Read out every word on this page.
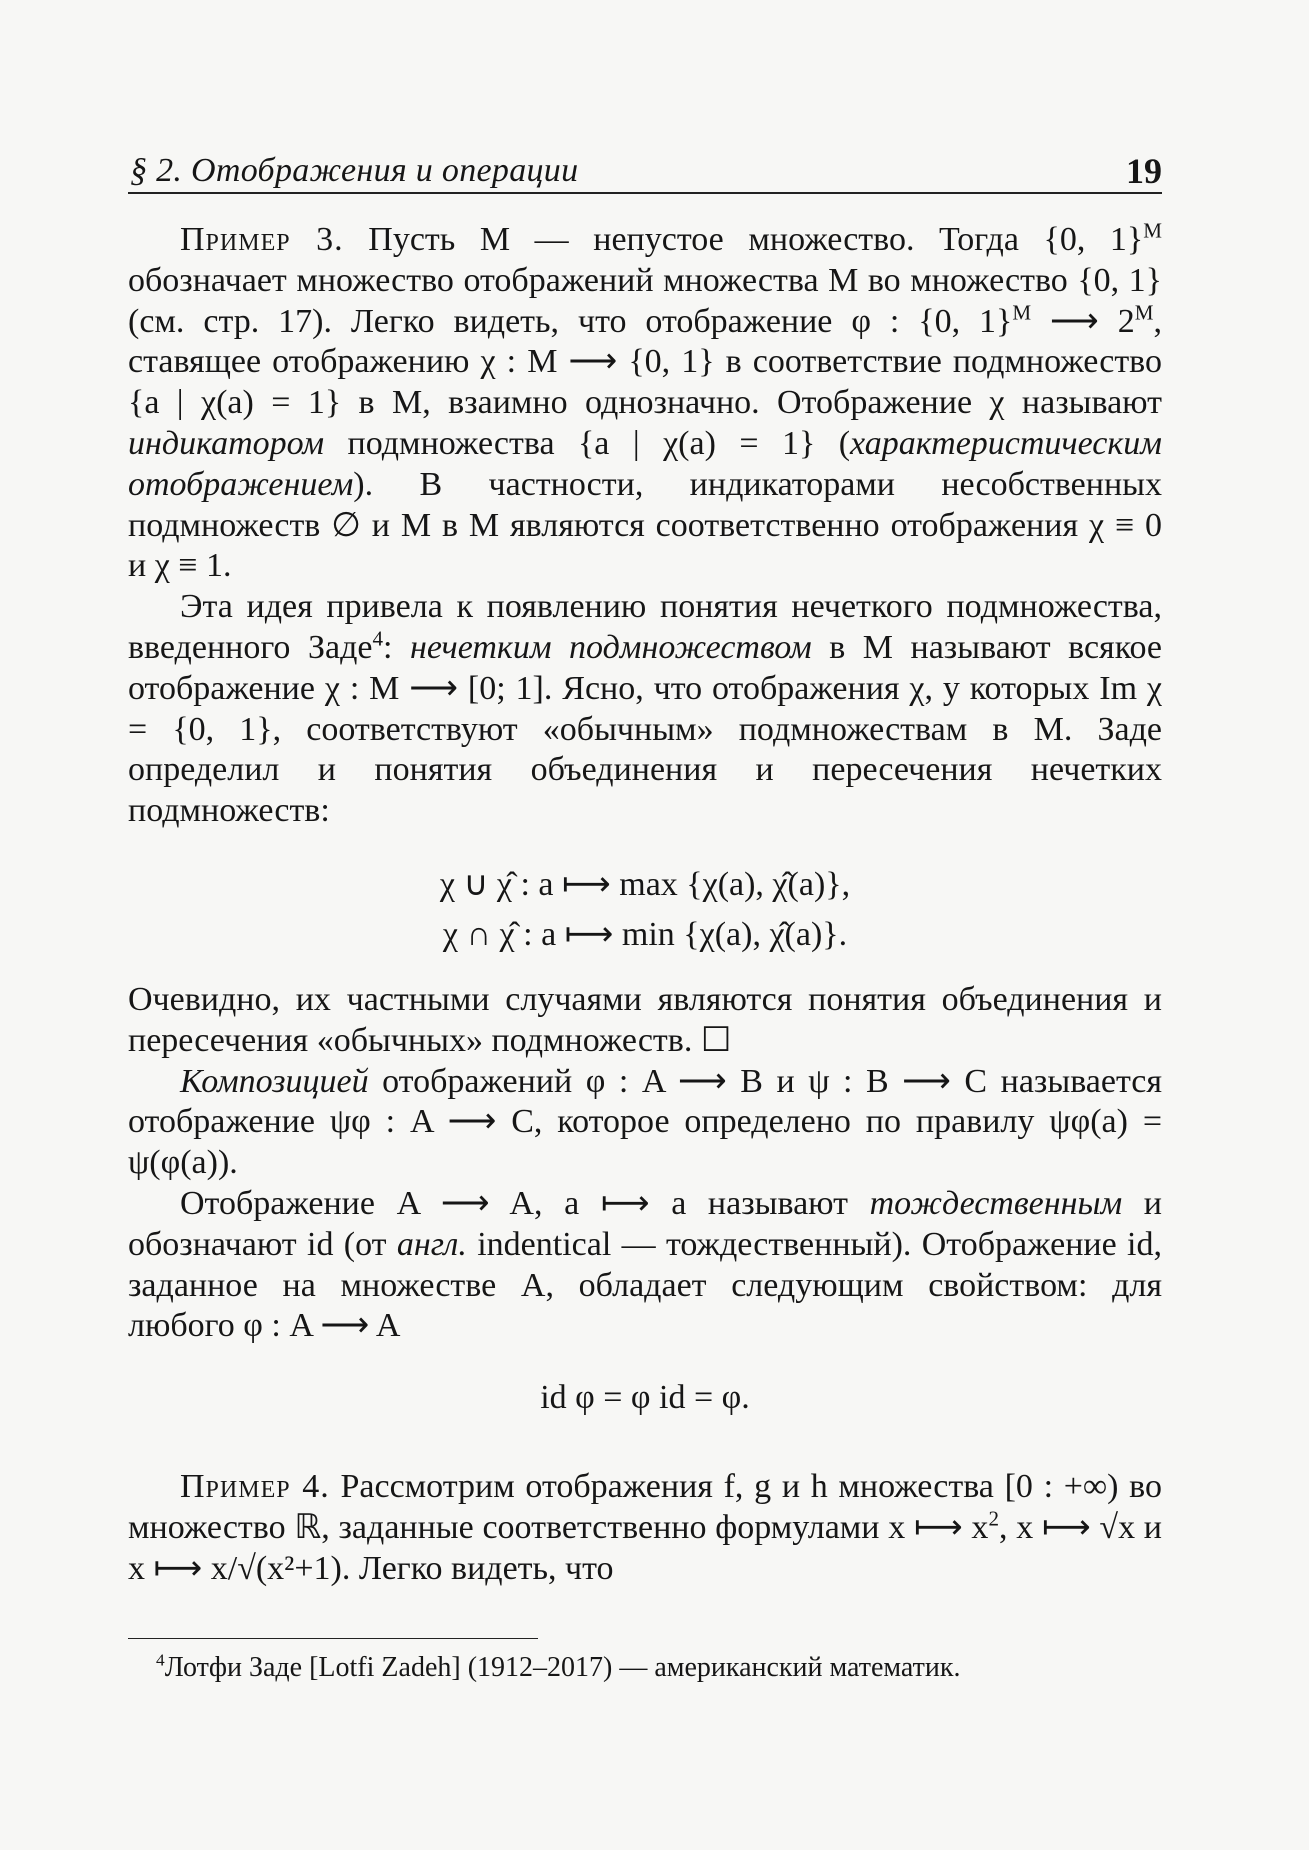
§ 2. Отображения и операции	19

Пример 3. Пусть M — непустое множество. Тогда {0, 1}$^M$ обозначает множество отображений множества M во множество {0, 1} (см. стр. 17). Легко видеть, что отображение φ : {0, 1}$^M$ ⟶ $2^M$, ставящее отображению χ : M ⟶ {0, 1} в соответствие подмножество {a | χ(a) = 1} в M, взаимно однозначно. Отображение χ называют индикатором подмножества {a | χ(a) = 1} (характеристическим отображением). В частности, индикаторами несобственных подмножеств ∅ и M в M являются соответственно отображения χ ≡ 0 и χ ≡ 1.

Эта идея привела к появлению понятия нечеткого подмножества, введенного Заде$^4$: нечетким подмножеством в M называют всякое отображение χ : M ⟶ [0; 1]. Ясно, что отображения χ, у которых Im χ = {0, 1}, соответствуют «обычным» подмножествам в M. Заде определил и понятия объединения и пересечения нечетких подмножеств:

χ ∪ χ̂ : a ⟼ max {χ(a), χ̂(a)},

χ ∩ χ̂ : a ⟼ min {χ(a), χ̂(a)}.

Очевидно, их частными случаями являются понятия объединения и пересечения «обычных» подмножеств. ☐

Композицией отображений φ : A ⟶ B и ψ : B ⟶ C называется отображение ψφ : A ⟶ C, которое определено по правилу ψφ(a) = ψ(φ(a)).

Отображение A ⟶ A, a ⟼ a называют тождественным и обозначают id (от англ. indentical — тождественный). Отображение id, заданное на множестве A, обладает следующим свойством: для любого φ : A ⟶ A

id φ = φ id = φ.

Пример 4. Рассмотрим отображения f, g и h множества [0 : +∞) во множество ℝ, заданные соответственно формулами x ⟼ $x^2$, x ⟼ √x и x ⟼ x/√(x²+1). Легко видеть, что

$^4$Лотфи Заде [Lotfi Zadeh] (1912–2017) — американский математик.
